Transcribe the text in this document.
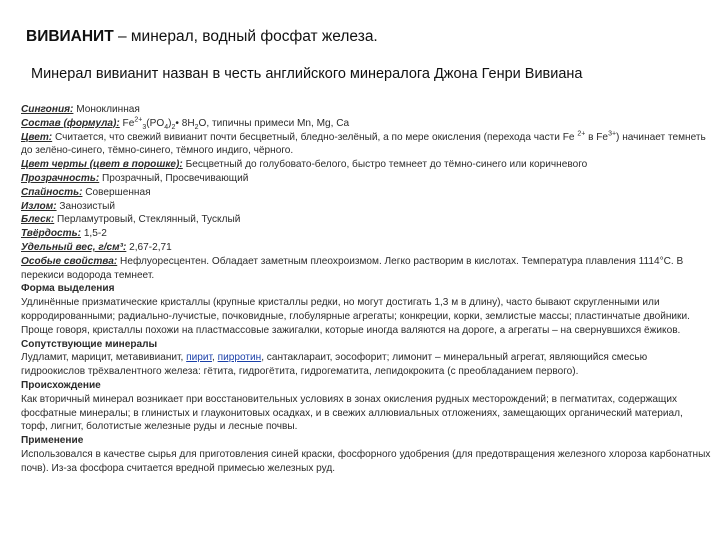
ВИВИАНИТ – минерал, водный фосфат железа.
Минерал вивианит назван в честь английского минералога Джона Генри Вивиана

Сингония: Моноклинная

Состав (формула): $Fe^{2+}_3(PO_4)_2•$ $8H_2O$, типичны примеси Mn, Mg, Ca

Цвет: Считается, что свежий вивианит почти бесцветный, бледно-зелёный, а по мере окисления (переходa части Fe $^{2+}$ в $Fe^{3+}$) начинает темнеть до зелёно-синего, тёмно-синего, тёмного индиго, чёрного.

Цвет черты (цвет в порошке): Бесцветный до голубовато-белого, быстро темнеет до тёмно-синего или коричневого

Прозрачность: Прозрачный, Просвечивающий

Спайность: Совершенная

Излом: Занозистый

Блеск: Перламутровый, Стеклянный, Тусклый

Твёрдость: 1,5-2

Удельный вес, г/см³: 2,67-2,71

Особые свойства: Нефлуоресцентен. Обладает заметным плеохроизмом. Легко растворим в кислотах. Температура плавления 1114°С. В перекиси водорода темнеет.

Форма выделения

Удлинённые призматические кристаллы (крупные кристаллы редки, но могут достигать 1,3 м в длину), часто бывают скругленными или корродированными; радиально-лучистые, почковидные, глобулярные агрегаты; конкреции, корки, землистые массы; пластинчатые двойники.

Проще говоря, кристаллы похожи на пластмассовые зажигалки, которые иногда валяются на дороге, а агрегаты – на свернувшихся ёжиков.

Сопутствующие минералы

Лудламит, марицит, метавивианит, пирит, пирротин, сантаклараит, эософорит; лимонит – минеральный агрегат, являющийся смесью гидроокислов трёхвалентного железа: гётита, гидрогётита, гидрогематита, лепидокрокита (с преобладанием первого).

Происхождение

Как вторичный минерал возникает при восстановительных условиях в зонах окисления рудных месторождений; в пегматитах, содержащих фосфатные минералы; в глинистых и глауконитовых осадках, и в свежих аллювиальных отложениях, замещающих органический материал, торф, лигнит, болотистые железные руды и лесные почвы.

Применение

Использовался в качестве сырья для приготовления синей краски, фосфорного удобрения (для предотвращения железного хлороза карбонатных почв). Из-за фосфора считается вредной примесью железных руд.
